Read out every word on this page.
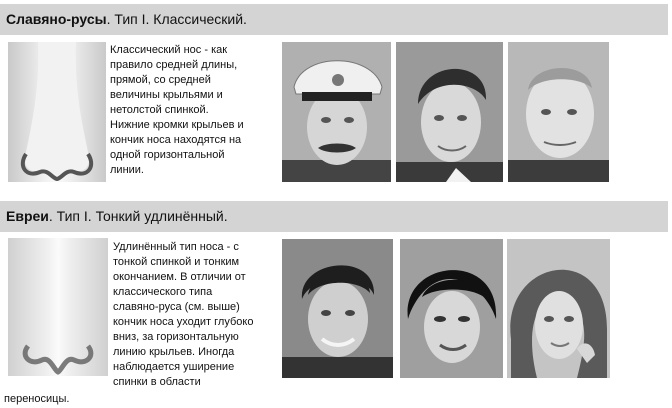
Славяно-русы. Тип I. Классический.

Классический нос - как
правило средней длины,
прямой, со средней
величины крыльями и
нетолстой спинкой.
Нижние кромки крыльев и
кончик носа находятся на
одной горизонтальной
линии.

Евреи. Тип I. Тонкий удлинённый.

Удлинённый тип носа - с
тонкой спинкой и тонким
окончанием. В отличии от
классического типа
славяно-руса (см. выше)
кончик носа уходит глубоко
вниз, за горизонтальную
линию крыльев. Иногда
наблюдается уширение
спинки в области

переносицы.
